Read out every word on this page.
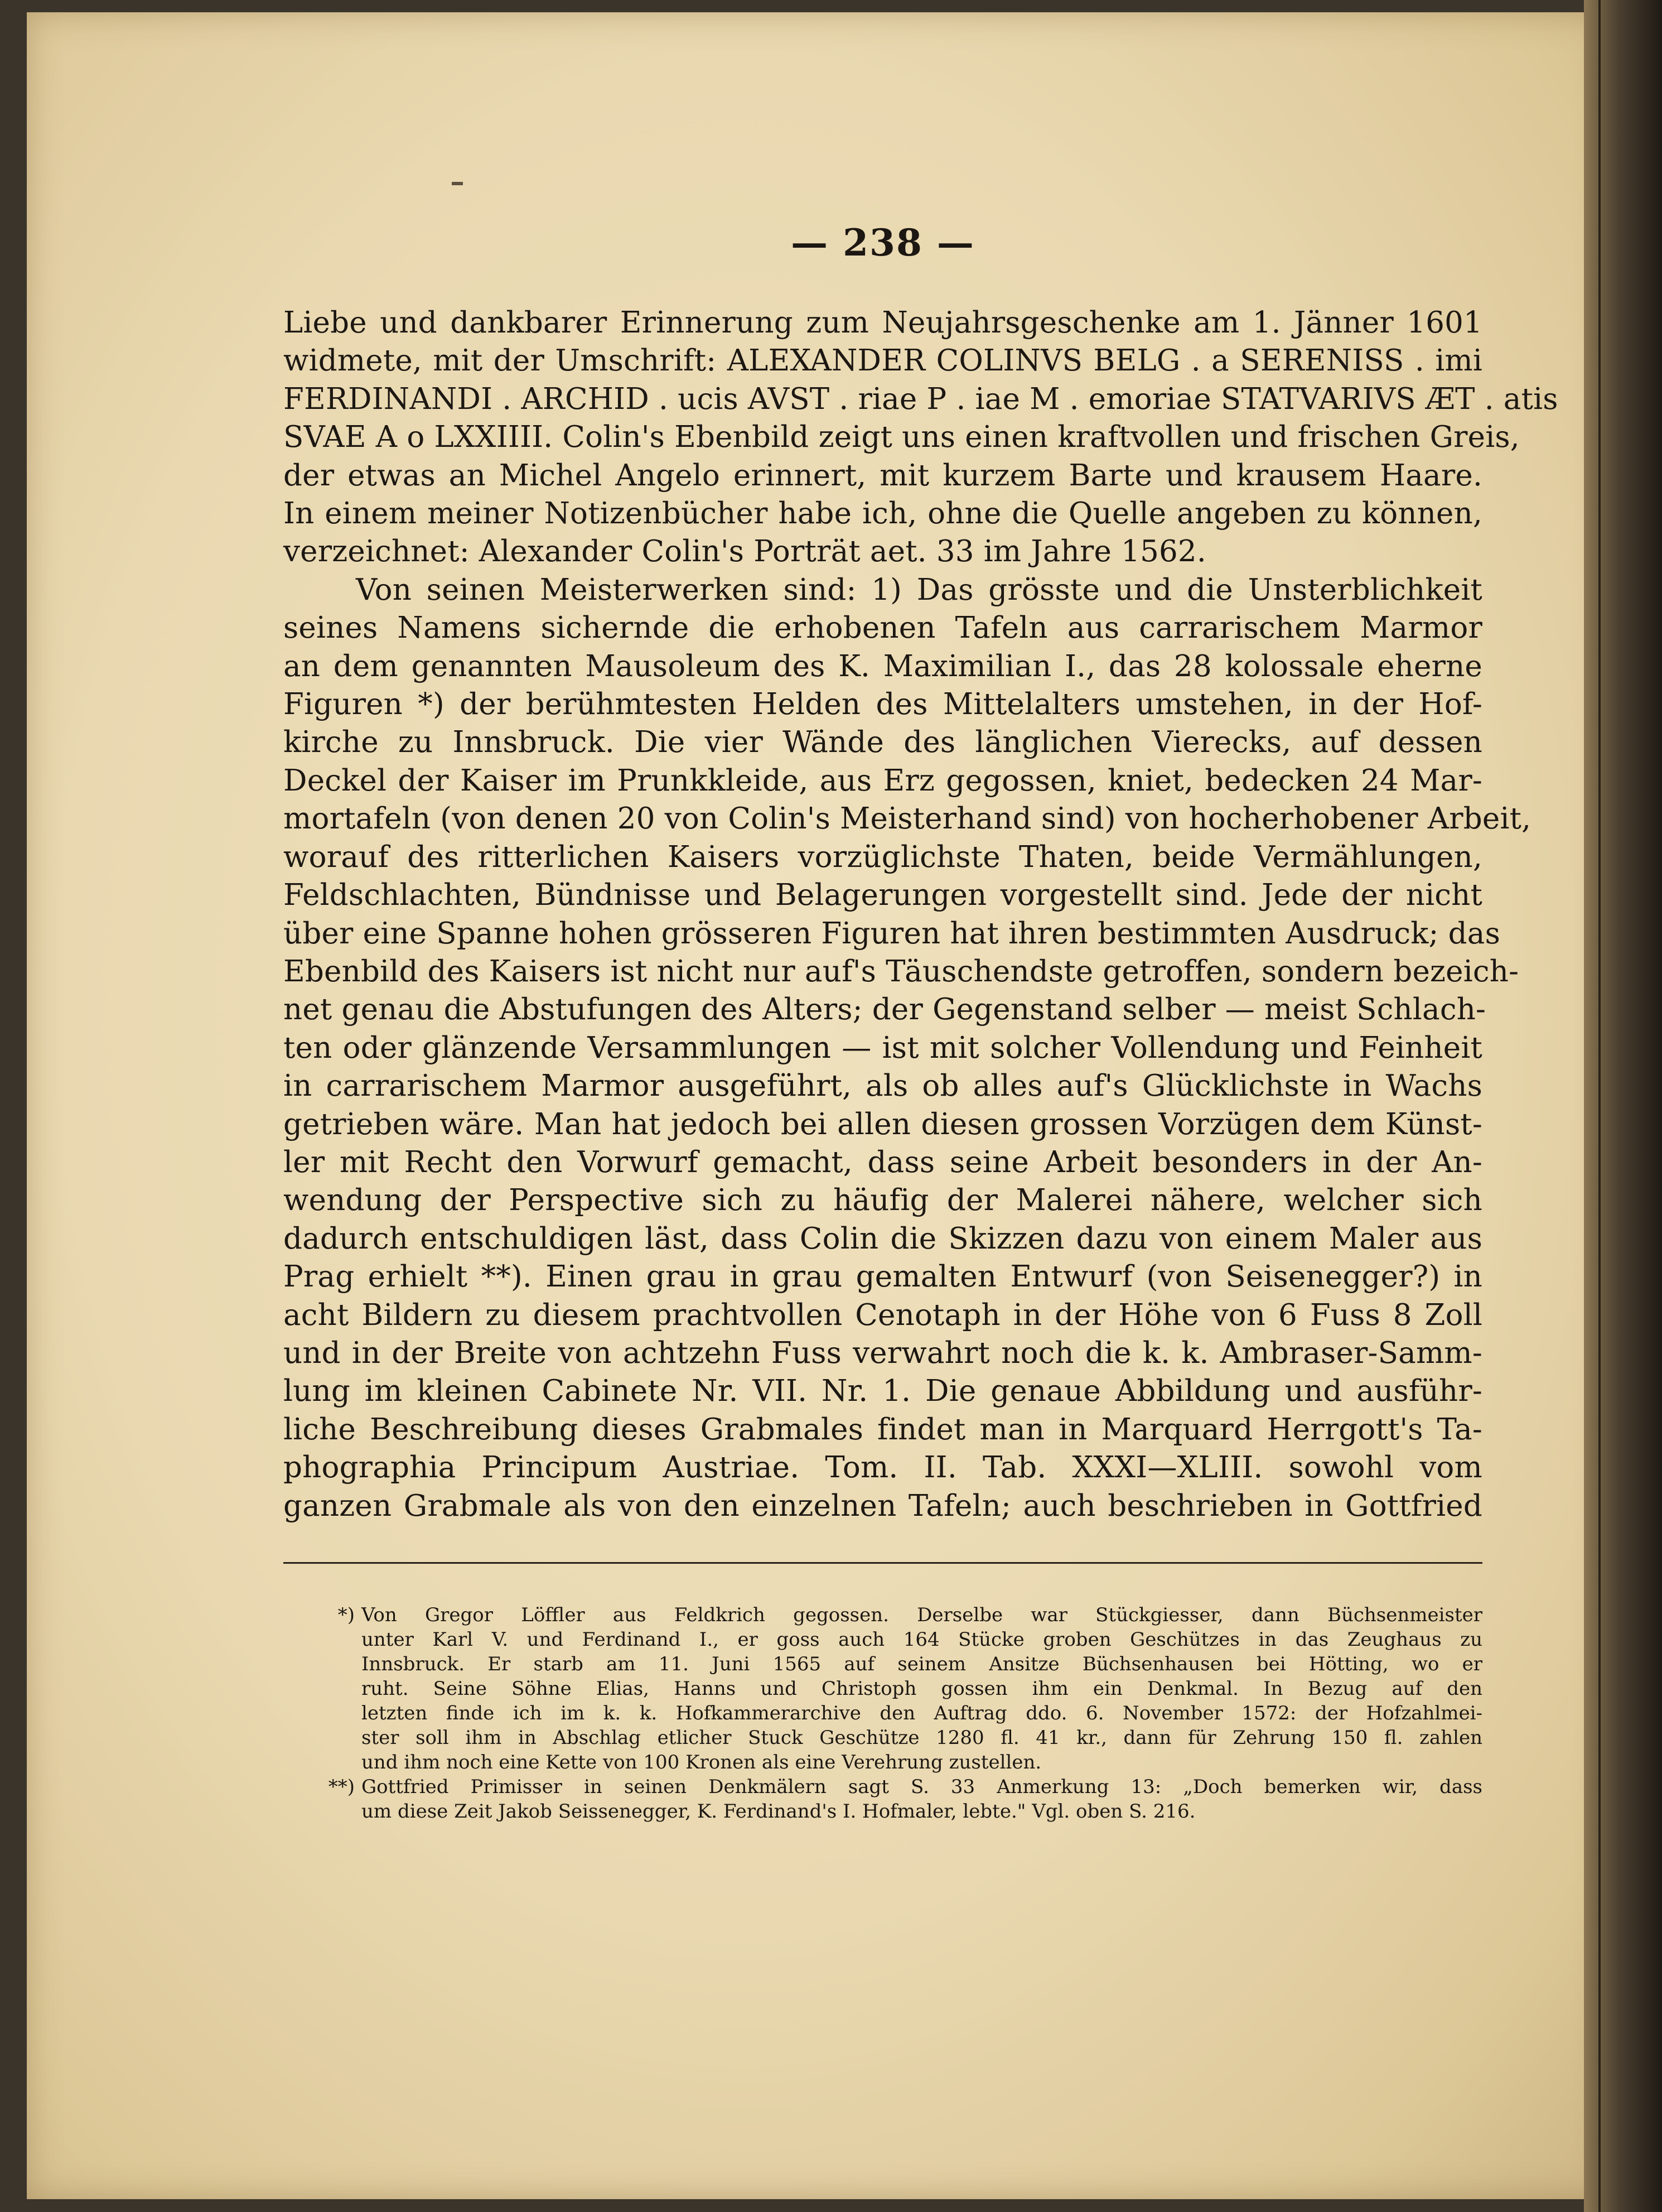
— 238 —
Liebe und dankbarer Erinnerung zum Neujahrsgeschenke am 1. Jänner 1601
widmete, mit der Umschrift: ALEXANDER COLINVS BELG . a SERENISS . imi
FERDINANDI . ARCHID . ucis AVST . riae P . iae M . emoriae STATVARIVS ÆT . atis
SVAE A o LXXIIII. Colin's Ebenbild zeigt uns einen kraftvollen und frischen Greis,
der etwas an Michel Angelo erinnert, mit kurzem Barte und krausem Haare.
In einem meiner Notizenbücher habe ich, ohne die Quelle angeben zu können,
verzeichnet: Alexander Colin's Porträt aet. 33 im Jahre 1562.
Von seinen Meisterwerken sind: 1) Das grösste und die Unsterblichkeit
seines Namens sichernde die erhobenen Tafeln aus carrarischem Marmor
an dem genannten Mausoleum des K. Maximilian I., das 28 kolossale eherne
Figuren *) der berühmtesten Helden des Mittelalters umstehen, in der Hof-
kirche zu Innsbruck. Die vier Wände des länglichen Vierecks, auf dessen
Deckel der Kaiser im Prunkkleide, aus Erz gegossen, kniet, bedecken 24 Mar-
mortafeln (von denen 20 von Colin's Meisterhand sind) von hocherhobener Arbeit,
worauf des ritterlichen Kaisers vorzüglichste Thaten, beide Vermählungen,
Feldschlachten, Bündnisse und Belagerungen vorgestellt sind. Jede der nicht
über eine Spanne hohen grösseren Figuren hat ihren bestimmten Ausdruck; das
Ebenbild des Kaisers ist nicht nur auf's Täuschendste getroffen, sondern bezeich-
net genau die Abstufungen des Alters; der Gegenstand selber — meist Schlach-
ten oder glänzende Versammlungen — ist mit solcher Vollendung und Feinheit
in carrarischem Marmor ausgeführt, als ob alles auf's Glücklichste in Wachs
getrieben wäre. Man hat jedoch bei allen diesen grossen Vorzügen dem Künst-
ler mit Recht den Vorwurf gemacht, dass seine Arbeit besonders in der An-
wendung der Perspective sich zu häufig der Malerei nähere, welcher sich
dadurch entschuldigen läst, dass Colin die Skizzen dazu von einem Maler aus
Prag erhielt **). Einen grau in grau gemalten Entwurf (von Seisenegger?) in
acht Bildern zu diesem prachtvollen Cenotaph in der Höhe von 6 Fuss 8 Zoll
und in der Breite von achtzehn Fuss verwahrt noch die k. k. Ambraser-Samm-
lung im kleinen Cabinete Nr. VII. Nr. 1. Die genaue Abbildung und ausführ-
liche Beschreibung dieses Grabmales findet man in Marquard Herrgott's Ta-
phographia Principum Austriae. Tom. II. Tab. XXXI—XLIII. sowohl vom
ganzen Grabmale als von den einzelnen Tafeln; auch beschrieben in Gottfried
*) Von Gregor Löffler aus Feldkrich gegossen. Derselbe war Stückgiesser, dann Büchsenmeister
unter Karl V. und Ferdinand I., er goss auch 164 Stücke groben Geschützes in das Zeughaus zu
Innsbruck. Er starb am 11. Juni 1565 auf seinem Ansitze Büchsenhausen bei Hötting, wo er
ruht. Seine Söhne Elias, Hanns und Christoph gossen ihm ein Denkmal. In Bezug auf den
letzten finde ich im k. k. Hofkammerarchive den Auftrag ddo. 6. November 1572: der Hofzahlmei-
ster soll ihm in Abschlag etlicher Stuck Geschütze 1280 fl. 41 kr., dann für Zehrung 150 fl. zahlen
und ihm noch eine Kette von 100 Kronen als eine Verehrung zustellen.
**) Gottfried Primisser in seinen Denkmälern sagt S. 33 Anmerkung 13: „Doch bemerken wir, dass
um diese Zeit Jakob Seissenegger, K. Ferdinand's I. Hofmaler, lebte." Vgl. oben S. 216.
